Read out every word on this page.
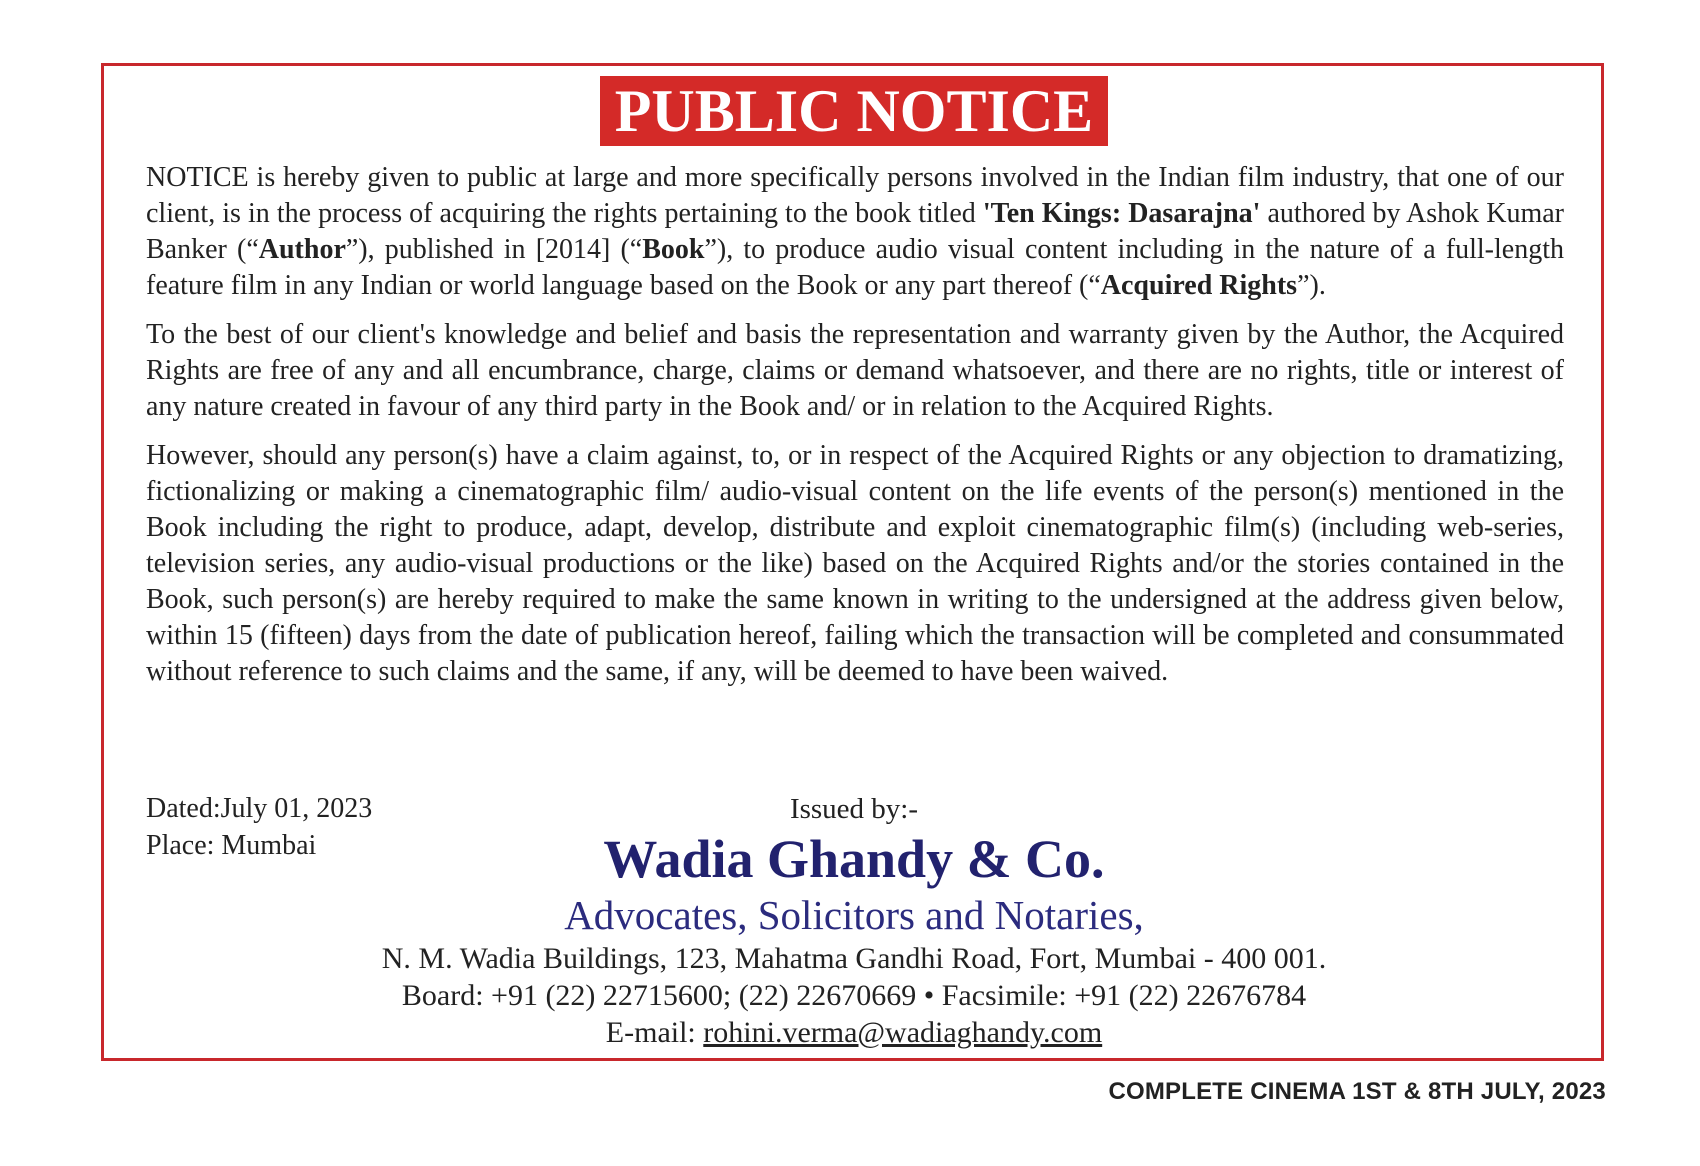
PUBLIC NOTICE

NOTICE is hereby given to public at large and more specifically persons involved in the Indian film industry, that one of our client, is in the process of acquiring the rights pertaining to the book titled 'Ten Kings: Dasarajna' authored by Ashok Kumar Banker (“Author”), published in [2014] (“Book”), to produce audio visual content including in the nature of a full-length feature film in any Indian or world language based on the Book or any part thereof (“Acquired Rights”).

To the best of our client's knowledge and belief and basis the representation and warranty given by the Author, the Acquired Rights are free of any and all encumbrance, charge, claims or demand whatsoever, and there are no rights, title or interest of any nature created in favour of any third party in the Book and/ or in relation to the Acquired Rights.

However, should any person(s) have a claim against, to, or in respect of the Acquired Rights or any objection to dramatizing, fictionalizing or making a cinematographic film/ audio-visual content on the life events of the person(s) mentioned in the Book including the right to produce, adapt, develop, distribute and exploit cinematographic film(s) (including web-series, television series, any audio-visual productions or the like) based on the Acquired Rights and/or the stories contained in the Book, such person(s) are hereby required to make the same known in writing to the undersigned at the address given below, within 15 (fifteen) days from the date of publication hereof, failing which the transaction will be completed and consummated without reference to such claims and the same, if any, will be deemed to have been waived.

Dated:July 01, 2023
Place: Mumbai
Issued by:-
Wadia Ghandy & Co.
Advocates, Solicitors and Notaries,
N. M. Wadia Buildings, 123, Mahatma Gandhi Road, Fort, Mumbai - 400 001.
Board: +91 (22) 22715600; (22) 22670669 • Facsimile: +91 (22) 22676784
E-mail: rohini.verma@wadiaghandy.com
COMPLETE CINEMA 1ST & 8TH JULY, 2023
